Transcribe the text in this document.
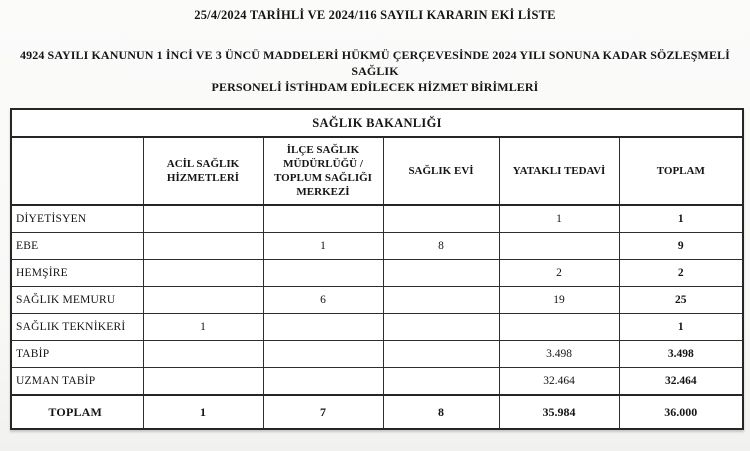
25/4/2024 TARİHLİ VE 2024/116 SAYILI KARARIN EKİ LİSTE
4924 SAYILI KANUNUN 1 İNCİ VE 3 ÜNCÜ MADDELERİ HÜKMÜ ÇERÇEVESİNDE 2024 YILI SONUNA KADAR SÖZLEŞMELİ SAĞLIK
PERSONELİ İSTİHDAM EDİLECEK HİZMET BİRİMLERİ
SAĞLIK BAKANLIĞI					
	ACİL SAĞLIK HİZMETLERİ	İLÇE SAĞLIK MÜDÜRLÜĞÜ / TOPLUM SAĞLIĞI MERKEZİ	SAĞLIK EVİ	YATAKLI TEDAVİ	TOPLAM
DİYETİSYEN				1	1
EBE		1	8		9
HEMŞİRE				2	2
SAĞLIK MEMURU		6		19	25
SAĞLIK TEKNİKERİ	1				1
TABİP				3.498	3.498
UZMAN TABİP				32.464	32.464
TOPLAM	1	7	8	35.984	36.000
